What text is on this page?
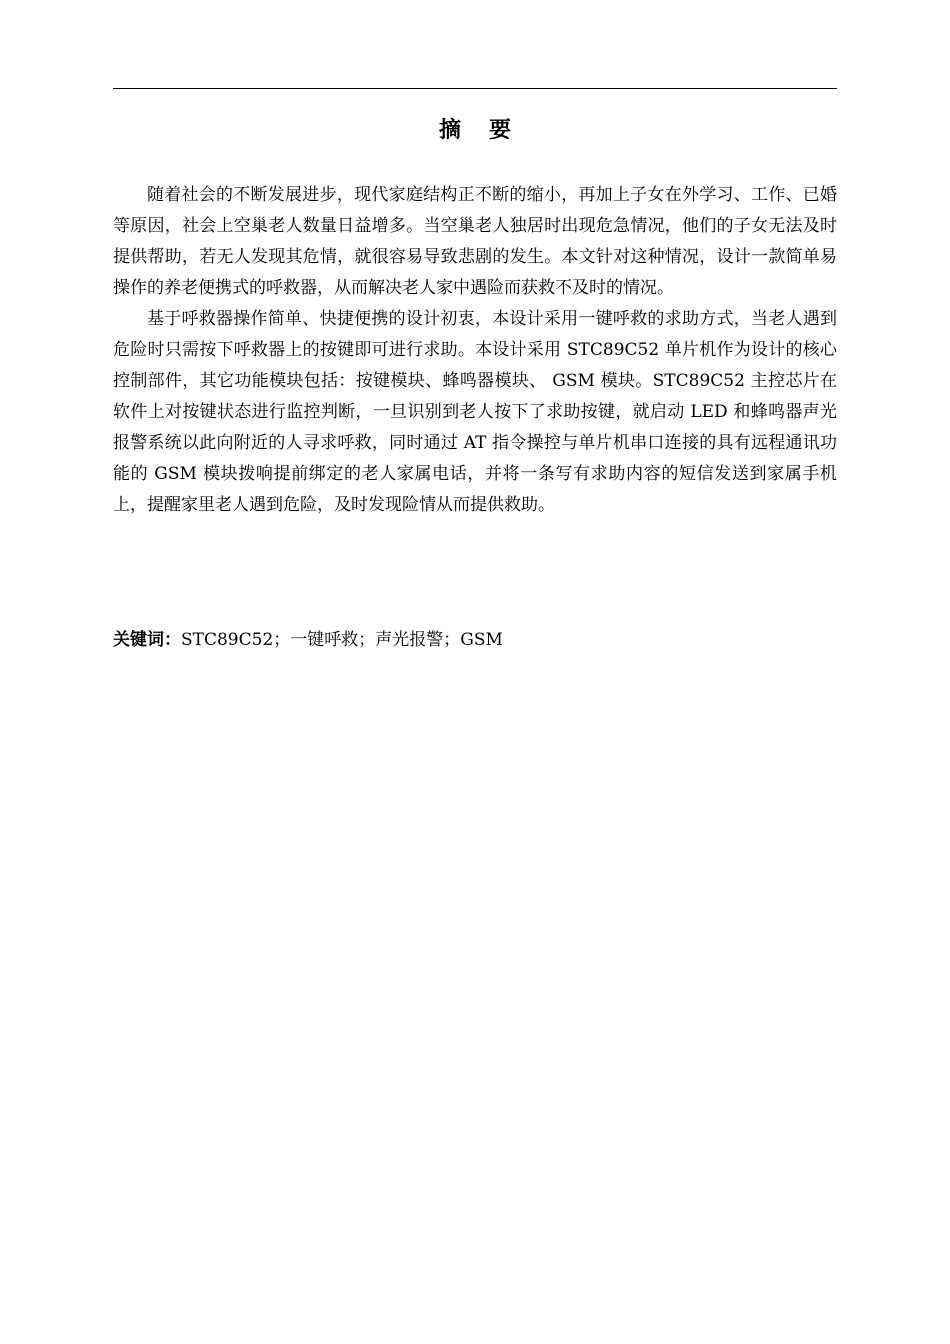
摘 要

随着社会的不断发展进步，现代家庭结构正不断的缩小，再加上子女在外学习、工作、已婚等原因，社会上空巢老人数量日益增多。当空巢老人独居时出现危急情况，他们的子女无法及时提供帮助，若无人发现其危情，就很容易导致悲剧的发生。本文针对这种情况，设计一款简单易操作的养老便携式的呼救器，从而解决老人家中遇险而获救不及时的情况。

基于呼救器操作简单、快捷便携的设计初衷，本设计采用一键呼救的求助方式，当老人遇到危险时只需按下呼救器上的按键即可进行求助。本设计采用 STC89C52 单片机作为设计的核心控制部件，其它功能模块包括：按键模块、蜂鸣器模块、 GSM 模块。STC89C52 主控芯片在软件上对按键状态进行监控判断，一旦识别到老人按下了求助按键，就启动 LED 和蜂鸣器声光报警系统以此向附近的人寻求呼救，同时通过 AT 指令操控与单片机串口连接的具有远程通讯功能的 GSM 模块拨响提前绑定的老人家属电话，并将一条写有求助内容的短信发送到家属手机上，提醒家里老人遇到危险，及时发现险情从而提供救助。

关键词：STC89C52；一键呼救；声光报警；GSM
